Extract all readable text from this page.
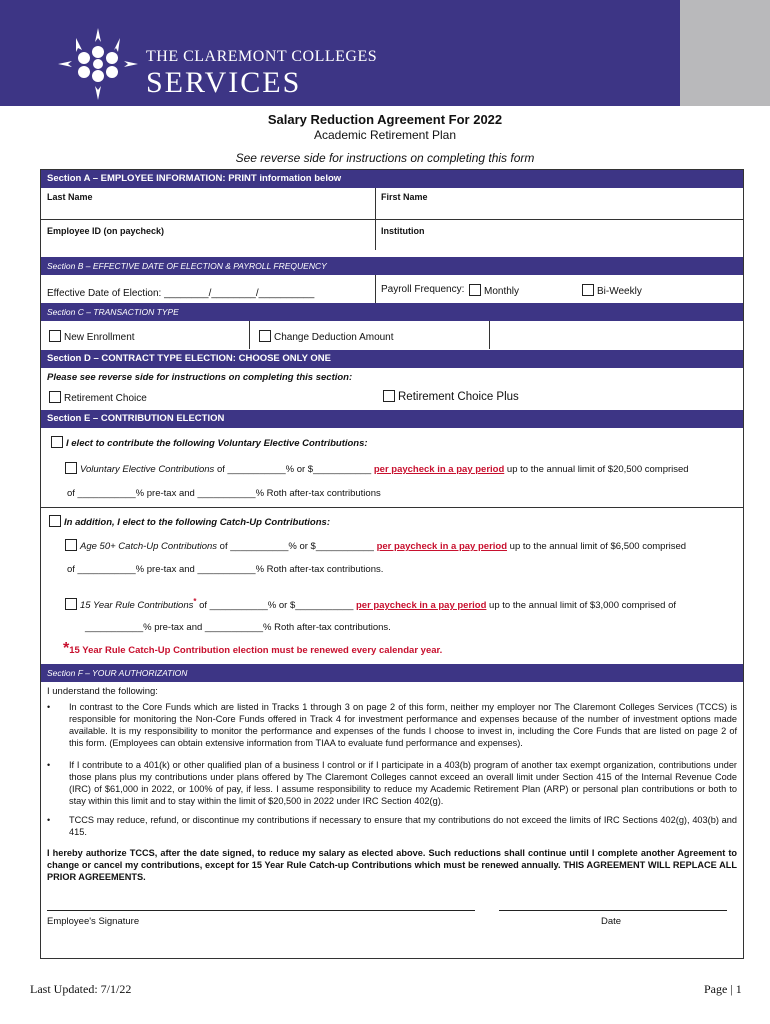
THE CLAREMONT COLLEGES
SERVICES
Salary Reduction Agreement For 2022
Academic Retirement Plan
See reverse side for instructions on completing this form
Section A – EMPLOYEE INFORMATION: PRINT information below
Last Name	First Name
Employee ID (on paycheck)	Institution
Section B – EFFECTIVE DATE OF ELECTION & PAYROLL FREQUENCY
Effective Date of Election: ________/________/__________	Payroll Frequency:	Monthly	Bi-Weekly
Section C – TRANSACTION TYPE
New Enrollment	Change Deduction Amount
Section D – CONTRACT TYPE ELECTION: CHOOSE ONLY ONE
Please see reverse side for instructions on completing this section:
Retirement Choice	Retirement Choice Plus
Section E – CONTRIBUTION ELECTION
I elect to contribute the following Voluntary Elective Contributions:
Voluntary Elective Contributions of ___________% or $___________ per paycheck in a pay period up to the annual limit of $20,500 comprised
of ___________% pre-tax and ___________% Roth after-tax contributions
In addition, I elect to the following Catch-Up Contributions:
Age 50+ Catch-Up Contributions of ___________% or $___________ per paycheck in a pay period up to the annual limit of $6,500 comprised
of ___________% pre-tax and ___________% Roth after-tax contributions.
15 Year Rule Contributions* of ___________% or $___________ per paycheck in a pay period up to the annual limit of $3,000 comprised of
___________% pre-tax and ___________% Roth after-tax contributions.
*15 Year Rule Catch-Up Contribution election must be renewed every calendar year.
Section F – YOUR AUTHORIZATION
I understand the following:
• In contrast to the Core Funds which are listed in Tracks 1 through 3 on page 2 of this form, neither my employer nor The Claremont Colleges Services (TCCS) is responsible for monitoring the Non-Core Funds offered in Track 4 for investment performance and expenses because of the number of investment options made available. It is my responsibility to monitor the performance and expenses of the funds I choose to invest in, including the Core Funds that are listed on page 2 of this form. (Employees can obtain extensive information from TIAA to evaluate fund performance and expenses).
• If I contribute to a 401(k) or other qualified plan of a business I control or if I participate in a 403(b) program of another tax exempt organization, contributions under those plans plus my contributions under plans offered by The Claremont Colleges cannot exceed an overall limit under Section 415 of the Internal Revenue Code (IRC) of $61,000 in 2022, or 100% of pay, if less. I assume responsibility to reduce my Academic Retirement Plan (ARP) or personal plan contributions or both to stay within this limit and to stay within the limit of $20,500 in 2022 under IRC Section 402(g).
• TCCS may reduce, refund, or discontinue my contributions if necessary to ensure that my contributions do not exceed the limits of IRC Sections 402(g), 403(b) and 415.
I hereby authorize TCCS, after the date signed, to reduce my salary as elected above. Such reductions shall continue until I complete another Agreement to change or cancel my contributions, except for 15 Year Rule Catch-up Contributions which must be renewed annually. THIS AGREEMENT WILL REPLACE ALL PRIOR AGREEMENTS.
Employee's Signature	Date
Last Updated: 7/1/22	Page | 1
